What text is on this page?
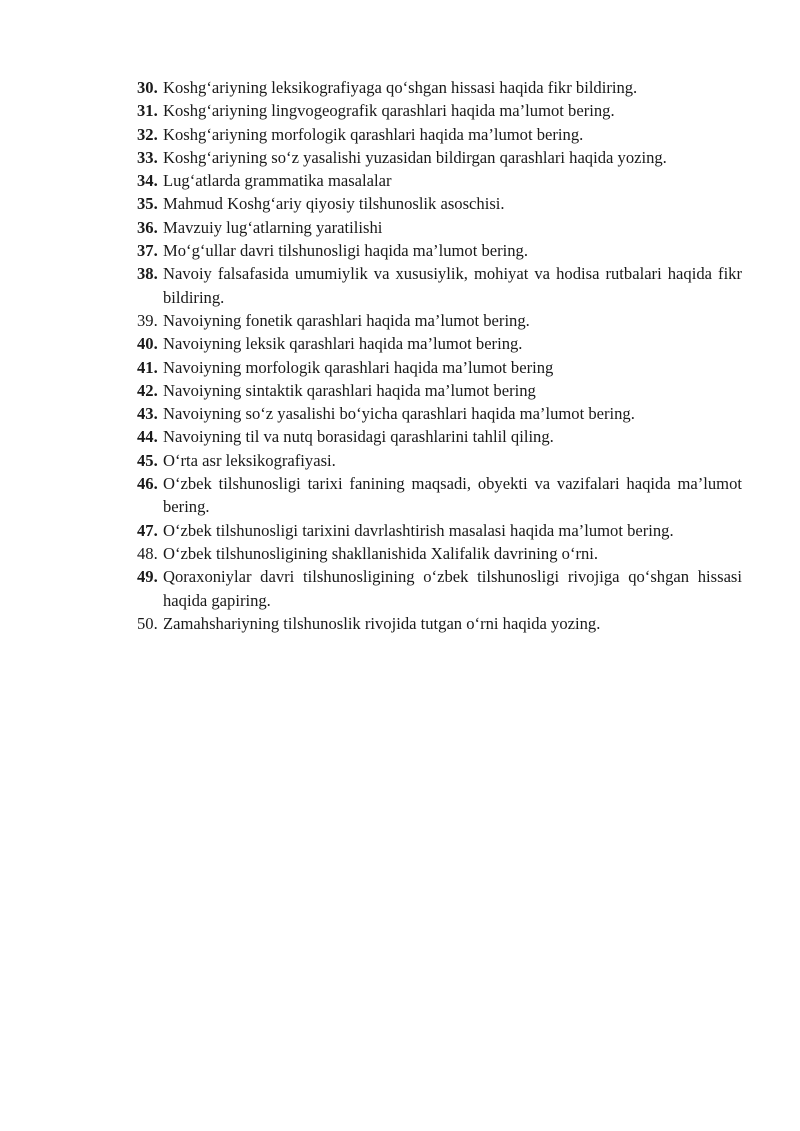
30. Koshg‘ariyning leksikografiyaga qo‘shgan hissasi haqida fikr bildiring.
31. Koshg‘ariyning lingvogeografik qarashlari haqida ma’lumot bering.
32. Koshg‘ariyning morfologik qarashlari haqida ma’lumot bering.
33. Koshg‘ariyning so‘z yasalishi yuzasidan bildirgan qarashlari haqida yozing.
34. Lug‘atlarda grammatika masalalar
35. Mahmud Koshg‘ariy qiyosiy tilshunoslik asoschisi.
36. Mavzuiy lug‘atlarning yaratilishi
37. Mo‘g‘ullar davri tilshunosligi haqida ma’lumot bering.
38. Navoiy falsafasida umumiylik va xususiylik, mohiyat va hodisa rutbalari haqida fikr bildiring.
39. Navoiyning fonetik qarashlari haqida ma’lumot bering.
40. Navoiyning leksik qarashlari haqida ma’lumot bering.
41. Navoiyning morfologik qarashlari haqida ma’lumot bering
42. Navoiyning sintaktik qarashlari haqida ma’lumot bering
43. Navoiyning so‘z yasalishi bo‘yicha qarashlari haqida ma’lumot bering.
44. Navoiyning til va nutq borasidagi qarashlarini tahlil qiling.
45. O‘rta asr leksikografiyasi.
46. O‘zbek tilshunosligi tarixi fanining maqsadi, obyekti va vazifalari haqida ma’lumot bering.
47. O‘zbek tilshunosligi tarixini davrlashtirish masalasi haqida ma’lumot bering.
48. O‘zbek tilshunosligining shakllanishida Xalifalik davrining o‘rni.
49. Qoraxoniylar davri tilshunosligining o‘zbek tilshunosligi rivojiga qo‘shgan hissasi haqida gapiring.
50. Zamahshariyning tilshunoslik rivojida tutgan o‘rni haqida yozing.
